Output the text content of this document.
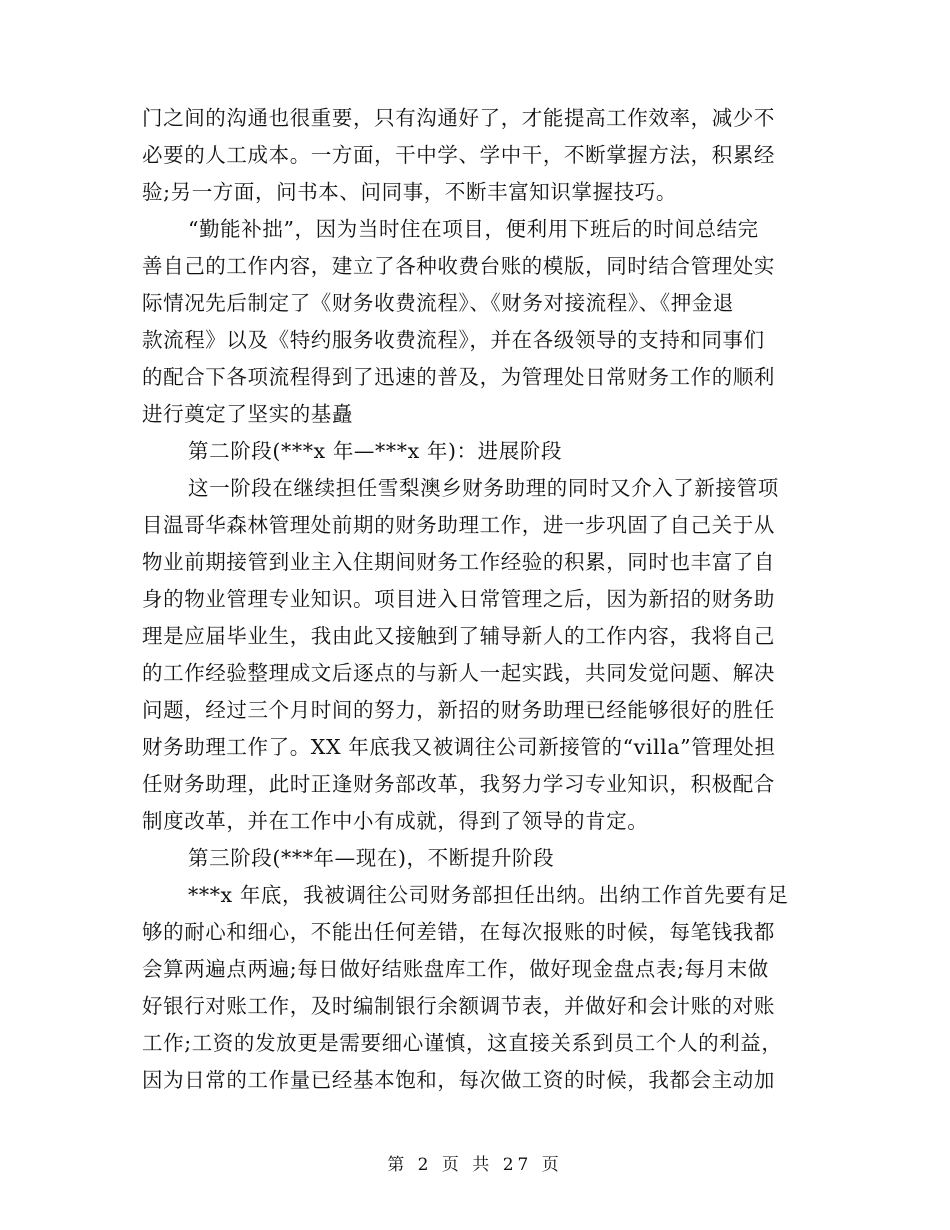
门之间的沟通也很重要，只有沟通好了，才能提高工作效率，减少不
必要的人工成本。一方面，干中学、学中干，不断掌握方法，积累经
验;另一方面，问书本、问同事，不断丰富知识掌握技巧。
“勤能补拙”，因为当时住在项目，便利用下班后的时间总结完
善自己的工作内容，建立了各种收费台账的模版，同时结合管理处实
际情况先后制定了《财务收费流程》、《财务对接流程》、《押金退
款流程》以及《特约服务收费流程》，并在各级领导的支持和同事们
的配合下各项流程得到了迅速的普及，为管理处日常财务工作的顺利
进行奠定了坚实的基矗
第二阶段(***x 年—***x 年)：进展阶段
这一阶段在继续担任雪梨澳乡财务助理的同时又介入了新接管项
目温哥华森林管理处前期的财务助理工作，进一步巩固了自己关于从
物业前期接管到业主入住期间财务工作经验的积累，同时也丰富了自
身的物业管理专业知识。项目进入日常管理之后，因为新招的财务助
理是应届毕业生，我由此又接触到了辅导新人的工作内容，我将自己
的工作经验整理成文后逐点的与新人一起实践，共同发觉问题、解决
问题，经过三个月时间的努力，新招的财务助理已经能够很好的胜任
财务助理工作了。XX 年底我又被调往公司新接管的“villa”管理处担
任财务助理，此时正逢财务部改革，我努力学习专业知识，积极配合
制度改革，并在工作中小有成就，得到了领导的肯定。
第三阶段(***年—现在)，不断提升阶段
***x 年底，我被调往公司财务部担任出纳。出纳工作首先要有足
够的耐心和细心，不能出任何差错，在每次报账的时候，每笔钱我都
会算两遍点两遍;每日做好结账盘库工作，做好现金盘点表;每月末做
好银行对账工作，及时编制银行余额调节表，并做好和会计账的对账
工作;工资的发放更是需要细心谨慎，这直接关系到员工个人的利益，
因为日常的工作量已经基本饱和，每次做工资的时候，我都会主动加
第 2 页 共 27 页
